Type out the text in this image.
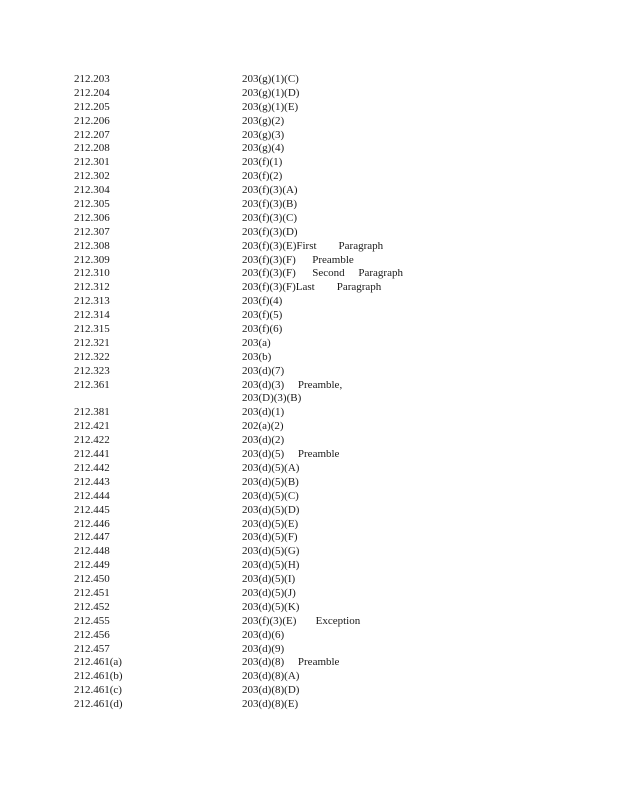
212.203	203(g)(1)(C)
212.204	203(g)(1)(D)
212.205	203(g)(1)(E)
212.206	203(g)(2)
212.207	203(g)(3)
212.208	203(g)(4)
212.301	203(f)(1)
212.302	203(f)(2)
212.304	203(f)(3)(A)
212.305	203(f)(3)(B)
212.306	203(f)(3)(C)
212.307	203(f)(3)(D)
212.308	203(f)(3)(E)First        Paragraph
212.309	203(f)(3)(F)      Preamble
212.310	203(f)(3)(F)      Second     Paragraph
212.312	203(f)(3)(F)Last        Paragraph
212.313	203(f)(4)
212.314	203(f)(5)
212.315	203(f)(6)
212.321	203(a)
212.322	203(b)
212.323	203(d)(7)
212.361	203(d)(3)     Preamble,
203(D)(3)(B)
212.381	203(d)(1)
212.421	202(a)(2)
212.422	203(d)(2)
212.441	203(d)(5)     Preamble
212.442	203(d)(5)(A)
212.443	203(d)(5)(B)
212.444	203(d)(5)(C)
212.445	203(d)(5)(D)
212.446	203(d)(5)(E)
212.447	203(d)(5)(F)
212.448	203(d)(5)(G)
212.449	203(d)(5)(H)
212.450	203(d)(5)(I)
212.451	203(d)(5)(J)
212.452	203(d)(5)(K)
212.455	203(f)(3)(E)       Exception
212.456	203(d)(6)
212.457	203(d)(9)
212.461(a)	203(d)(8)     Preamble
212.461(b)	203(d)(8)(A)
212.461(c)	203(d)(8)(D)
212.461(d)	203(d)(8)(E)
